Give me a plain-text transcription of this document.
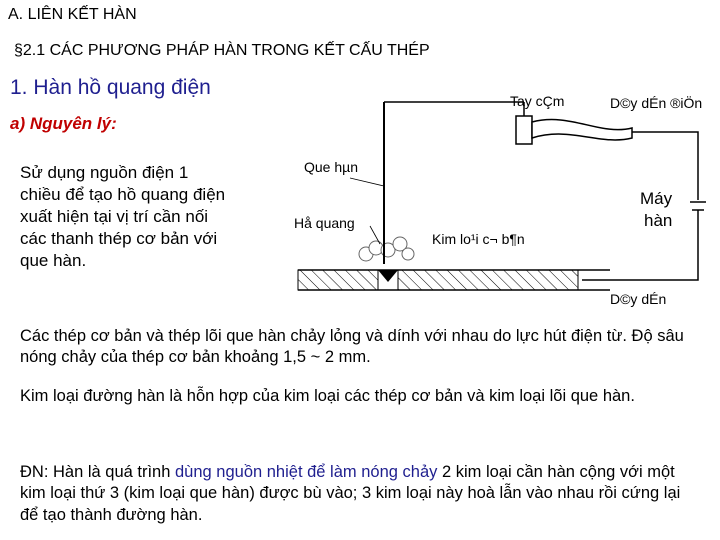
A. LIÊN KẾT HÀN
§2.1 CÁC PHƯƠNG PHÁP HÀN TRONG KẾT CẤU THÉP
1. Hàn hồ quang điện
a) Nguyên lý:
Sử dụng nguồn điện 1 chiều để tạo hồ quang điện xuất hiện tại vị trí cần nối các thanh thép cơ bản với que hàn.
Tay cÇm	D©y dÉn ®iÖn
Que hµn
Hå quang
Kim lo¹i c¬ b¶n
Máy
hàn
D©y dÉn
Các thép cơ bản và thép lõi que hàn chảy lỏng và dính với nhau do lực hút điện từ. Độ sâu nóng chảy của thép cơ bản khoảng 1,5 ~ 2 mm.
Kim loại đường hàn là hỗn hợp của kim loại các thép cơ bản và kim loại lõi que hàn.
ĐN: Hàn là quá trình dùng nguồn nhiệt để làm nóng chảy 2 kim loại cần hàn cộng với một kim loại thứ 3 (kim loại que hàn) được bù vào; 3 kim loại này hoà lẫn vào nhau rồi cứng lại để tạo thành đường hàn.
